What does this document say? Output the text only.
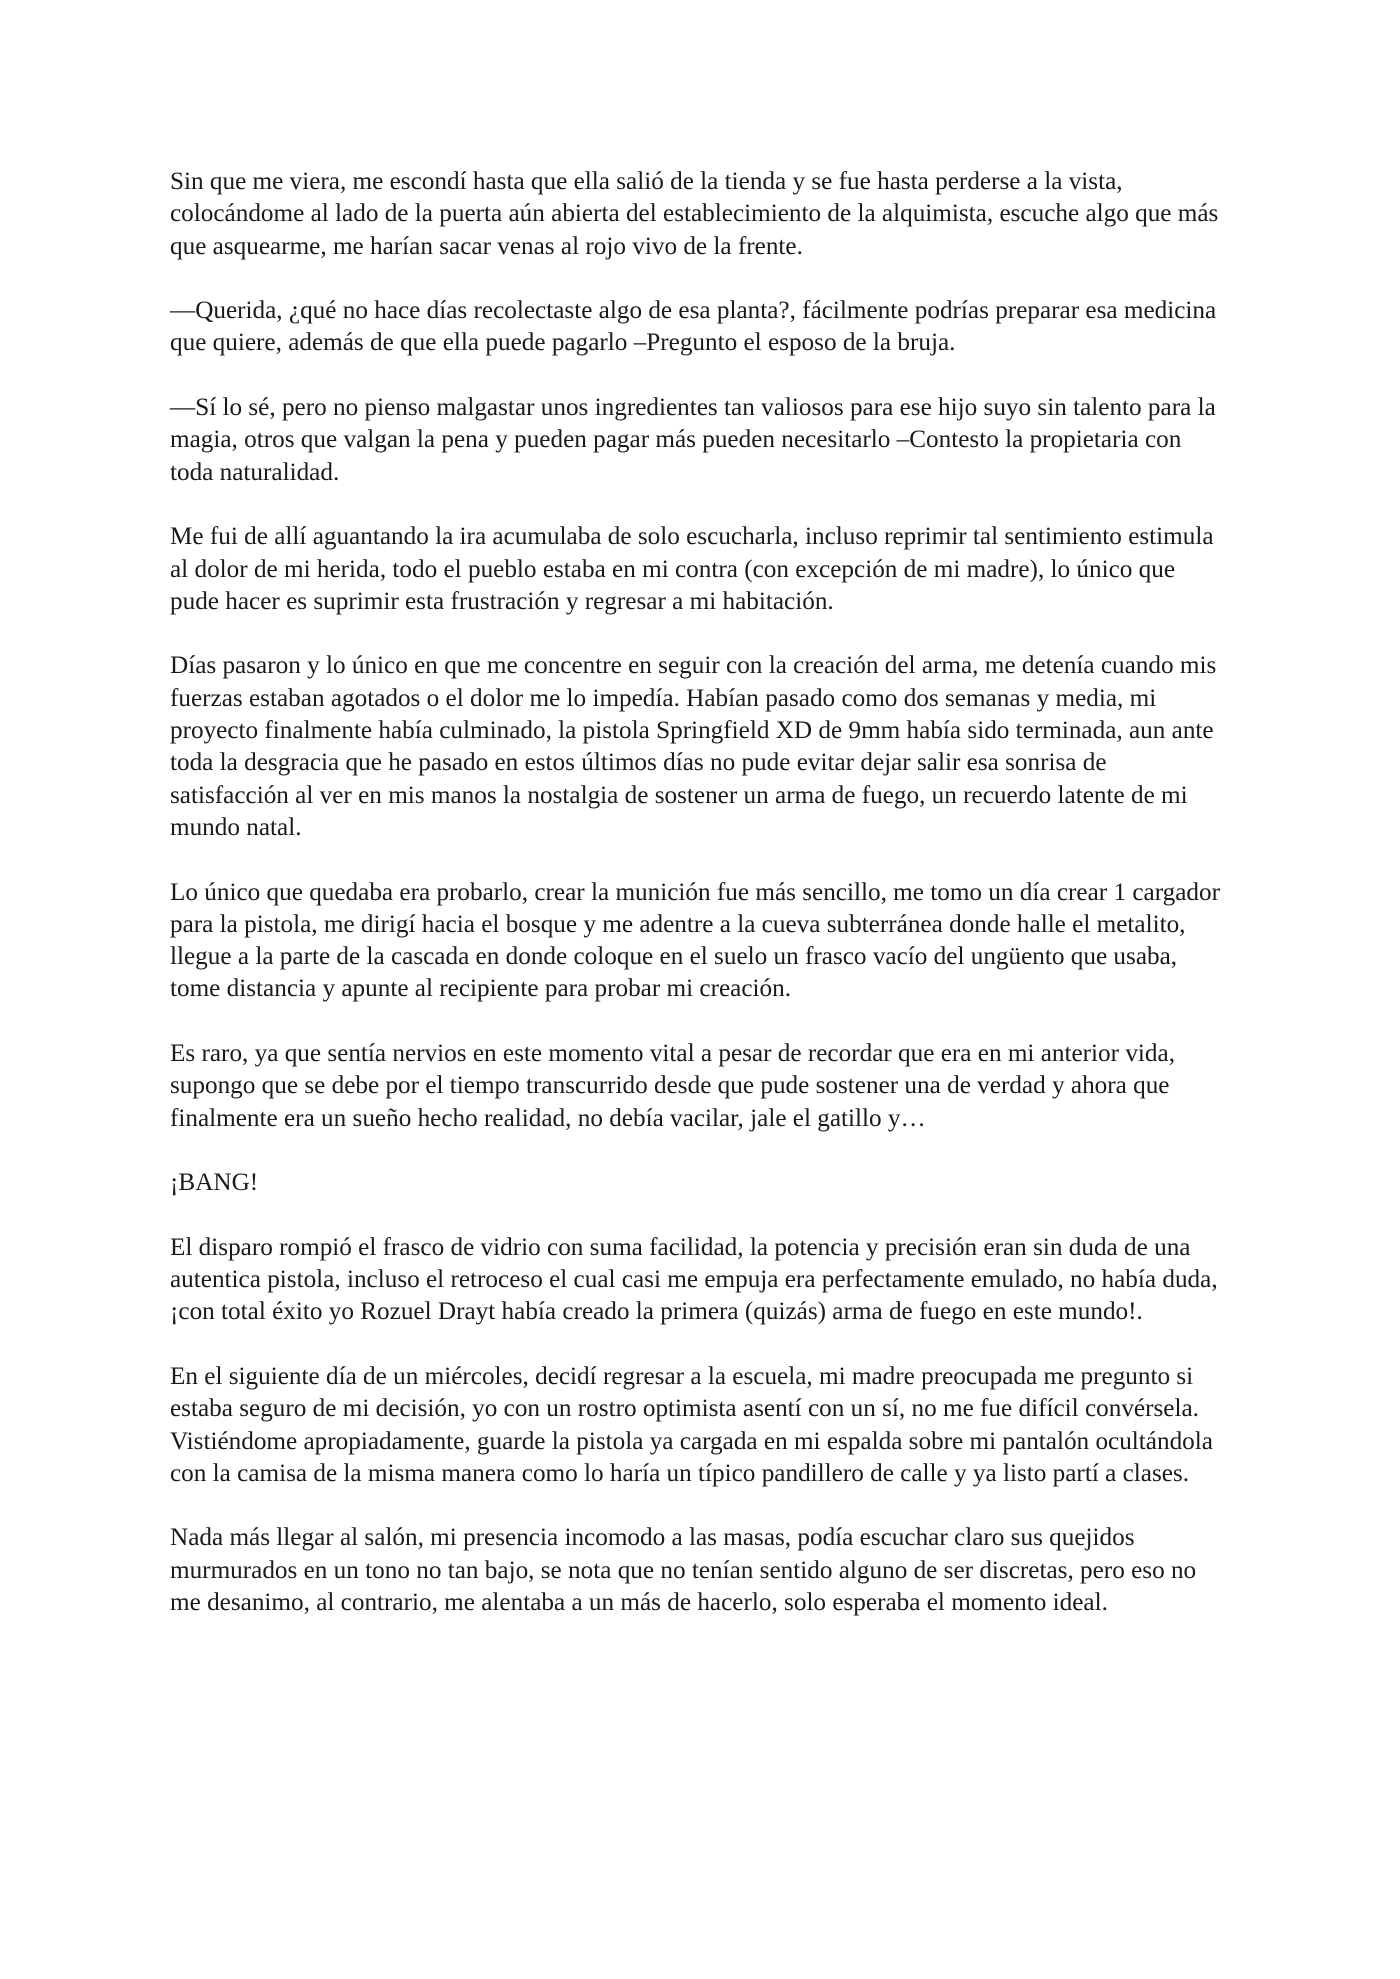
Sin que me viera, me escondí hasta que ella salió de la tienda y se fue hasta perderse a la vista, colocándome al lado de la puerta aún abierta del establecimiento de la alquimista, escuche algo que más que asquearme, me harían sacar venas al rojo vivo de la frente.

—Querida, ¿qué no hace días recolectaste algo de esa planta?, fácilmente podrías preparar esa medicina que quiere, además de que ella puede pagarlo –Pregunto el esposo de la bruja.

—Sí lo sé, pero no pienso malgastar unos ingredientes tan valiosos para ese hijo suyo sin talento para la magia, otros que valgan la pena y pueden pagar más pueden necesitarlo –Contesto la propietaria con toda naturalidad.

Me fui de allí aguantando la ira acumulaba de solo escucharla, incluso reprimir tal sentimiento estimula al dolor de mi herida, todo el pueblo estaba en mi contra (con excepción de mi madre), lo único que pude hacer es suprimir esta frustración y regresar a mi habitación.

Días pasaron y lo único en que me concentre en seguir con la creación del arma, me detenía cuando mis fuerzas estaban agotados o el dolor me lo impedía. Habían pasado como dos semanas y media, mi proyecto finalmente había culminado, la pistola Springfield XD de 9mm había sido terminada, aun ante toda la desgracia que he pasado en estos últimos días no pude evitar dejar salir esa sonrisa de satisfacción al ver en mis manos la nostalgia de sostener un arma de fuego, un recuerdo latente de mi mundo natal.

Lo único que quedaba era probarlo, crear la munición fue más sencillo, me tomo un día crear 1 cargador para la pistola, me dirigí hacia el bosque y me adentre a la cueva subterránea donde halle el metalito, llegue a la parte de la cascada en donde coloque en el suelo un frasco vacío del ungüento que usaba, tome distancia y apunte al recipiente para probar mi creación.

Es raro, ya que sentía nervios en este momento vital a pesar de recordar que era en mi anterior vida, supongo que se debe por el tiempo transcurrido desde que pude sostener una de verdad y ahora que finalmente era un sueño hecho realidad, no debía vacilar, jale el gatillo y…

¡BANG!

El disparo rompió el frasco de vidrio con suma facilidad, la potencia y precisión eran sin duda de una autentica pistola, incluso el retroceso el cual casi me empuja era perfectamente emulado, no había duda, ¡con total éxito yo Rozuel Drayt había creado la primera (quizás) arma de fuego en este mundo!.

En el siguiente día de un miércoles, decidí regresar a la escuela, mi madre preocupada me pregunto si estaba seguro de mi decisión, yo con un rostro optimista asentí con un sí, no me fue difícil convérsela. Vistiéndome apropiadamente, guarde la pistola ya cargada en mi espalda sobre mi pantalón ocultándola con la camisa de la misma manera como lo haría un típico pandillero de calle y ya listo partí a clases.

Nada más llegar al salón, mi presencia incomodo a las masas, podía escuchar claro sus quejidos murmurados en un tono no tan bajo, se nota que no tenían sentido alguno de ser discretas, pero eso no me desanimo, al contrario, me alentaba a un más de hacerlo, solo esperaba el momento ideal.
